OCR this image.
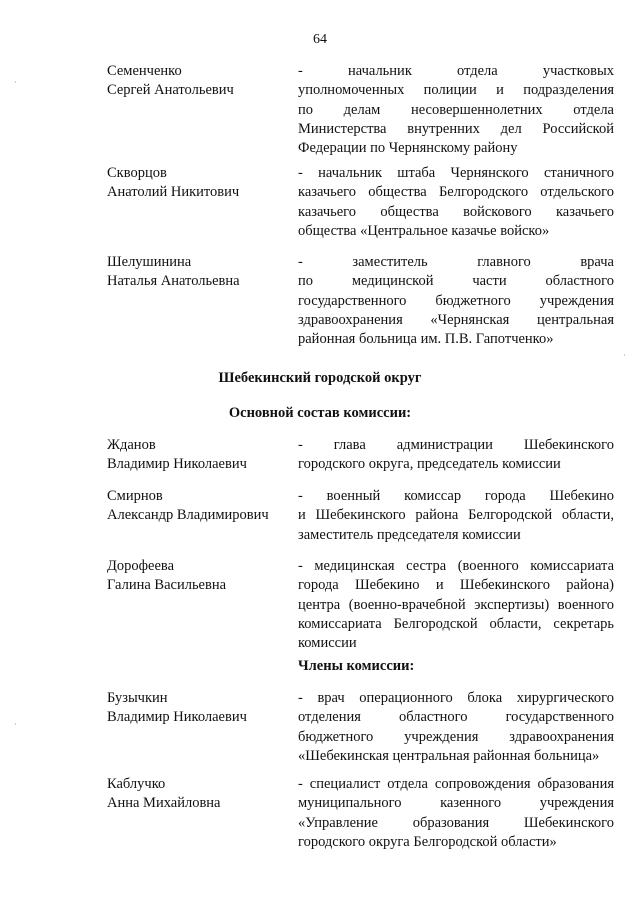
64
Семенченко
Сергей Анатольевич
- начальник отдела участковых
уполномоченных полиции и подразделения
по делам несовершеннолетних отдела
Министерства внутренних дел Российской
Федерации по Чернянскому району
Скворцов
Анатолий Никитович
- начальник штаба Чернянского станичного
казачьего общества Белгородского отдельского
казачьего общества войскового казачьего
общества «Центральное казачье войско»
Шелушинина
Наталья Анатольевна
- заместитель главного врача
по медицинской части областного
государственного бюджетного учреждения
здравоохранения «Чернянская центральная
районная больница им. П.В. Гапотченко»
Шебекинский городской округ
Основной состав комиссии:
Жданов
Владимир Николаевич
- глава администрации Шебекинского
городского округа, председатель комиссии
Смирнов
Александр Владимирович
- военный комиссар города Шебекино
и Шебекинского района Белгородской области,
заместитель председателя комиссии
Дорофеева
Галина Васильевна
- медицинская сестра (военного комиссариата
города Шебекино и Шебекинского района)
центра (военно-врачебной экспертизы) военного
комиссариата Белгородской области, секретарь
комиссии
Члены комиссии:
Бузычкин
Владимир Николаевич
- врач операционного блока хирургического
отделения областного государственного
бюджетного учреждения здравоохранения
«Шебекинская центральная районная больница»
Каблучко
Анна Михайловна
- специалист отдела сопровождения образования
муниципального казенного учреждения
«Управление образования Шебекинского
городского округа Белгородской области»
·
·
·
